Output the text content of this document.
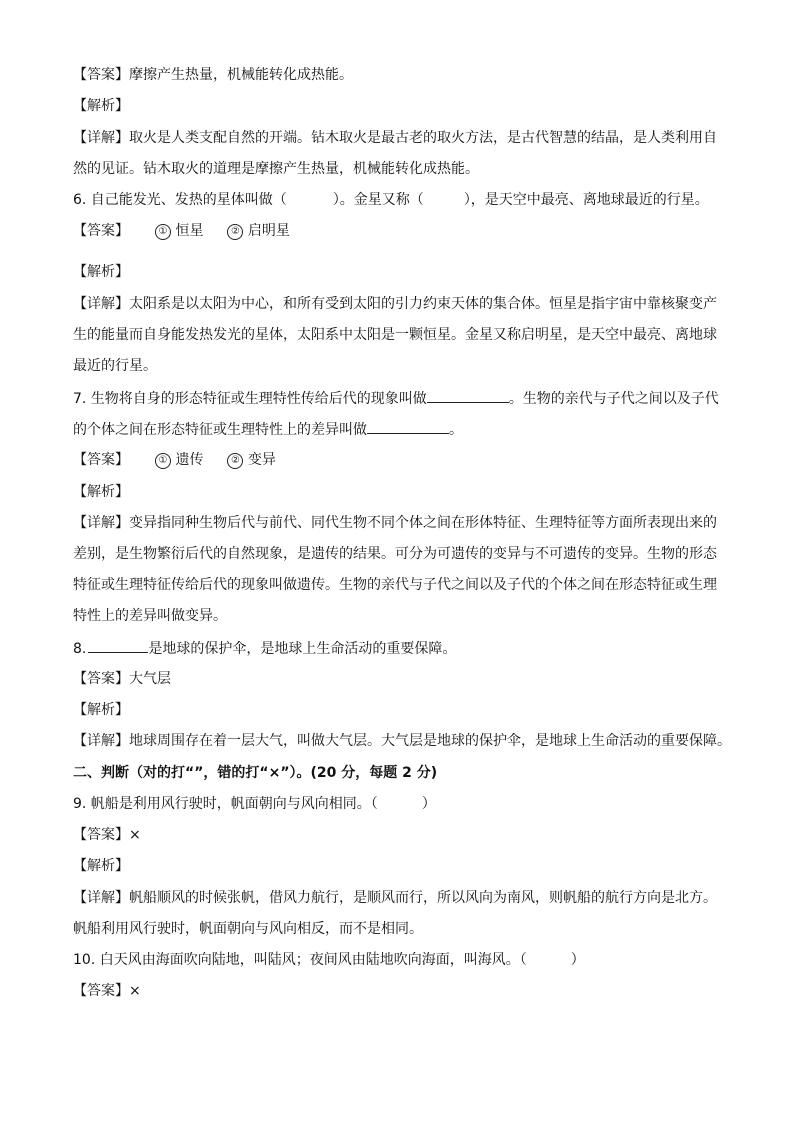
【答案】摩擦产生热量，机械能转化成热能。
【解析】
【详解】取火是人类支配自然的开端。钻木取火是最古老的取火方法，是古代智慧的结晶，是人类利用自
然的见证。钻木取火的道理是摩擦产生热量，机械能转化成热能。
6. 自己能发光、发热的星体叫做（	）。金星又称（	），是天空中最亮、离地球最近的行星。
【答案】	① 恒星	② 启明星
【解析】
【详解】太阳系是以太阳为中心，和所有受到太阳的引力约束天体的集合体。恒星是指宇宙中靠核聚变产
生的能量而自身能发热发光的星体，太阳系中太阳是一颗恒星。金星又称启明星，是天空中最亮、离地球
最近的行星。
7. 生物将自身的形态特征或生理特性传给后代的现象叫做	。生物的亲代与子代之间以及子代
的个体之间在形态特征或生理特性上的差异叫做	。
【答案】	① 遗传	② 变异
【解析】
【详解】变异指同种生物后代与前代、同代生物不同个体之间在形体特征、生理特征等方面所表现出来的
差别，是生物繁衍后代的自然现象，是遗传的结果。可分为可遗传的变异与不可遗传的变异。生物的形态
特征或生理特征传给后代的现象叫做遗传。生物的亲代与子代之间以及子代的个体之间在形态特征或生理
特性上的差异叫做变异。
8.	是地球的保护伞，是地球上生命活动的重要保障。
【答案】大气层
【解析】
【详解】地球周围存在着一层大气，叫做大气层。大气层是地球的保护伞，是地球上生命活动的重要保障。
二、判断（对的打“”，错的打“×”）。(20 分，每题 2 分)
9. 帆船是利用风行驶时，帆面朝向与风向相同。（	）
【答案】×
【解析】
【详解】帆船顺风的时候张帆，借风力航行，是顺风而行，所以风向为南风，则帆船的航行方向是北方。
帆船利用风行驶时，帆面朝向与风向相反，而不是相同。
10. 白天风由海面吹向陆地，叫陆风；夜间风由陆地吹向海面，叫海风。（	）
【答案】×
